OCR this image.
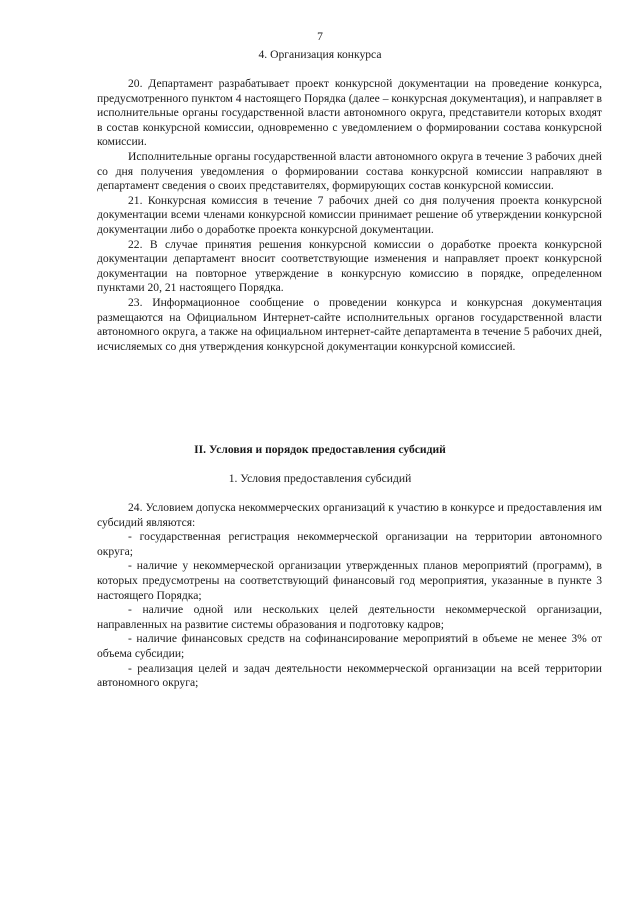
7
4. Организация конкурса

20. Департамент разрабатывает проект конкурсной документации на проведение конкурса, предусмотренного пунктом 4 настоящего Порядка (далее – конкурсная документация), и направляет в исполнительные органы государственной власти автономного округа, представители которых входят в состав конкурсной комиссии, одновременно с уведомлением о формировании состава конкурсной комиссии.

Исполнительные органы государственной власти автономного округа в течение 3 рабочих дней со дня получения уведомления о формировании состава конкурсной комиссии направляют в департамент сведения о своих представителях, формирующих состав конкурсной комиссии.

21. Конкурсная комиссия в течение 7 рабочих дней со дня получения проекта конкурсной документации всеми членами конкурсной комиссии принимает решение об утверждении конкурсной документации либо о доработке проекта конкурсной документации.

22. В случае принятия решения конкурсной комиссии о доработке проекта конкурсной документации департамент вносит соответствующие изменения и направляет проект конкурсной документации на повторное утверждение в конкурсную комиссию в порядке, определенном пунктами 20, 21 настоящего Порядка.

23. Информационное сообщение о проведении конкурса и конкурсная документация размещаются на Официальном Интернет-сайте исполнительных органов государственной власти автономного округа, а также на официальном интернет-сайте департамента в течение 5 рабочих дней, исчисляемых со дня утверждения конкурсной документации конкурсной комиссией.

II. Условия и порядок предоставления субсидий
1. Условия предоставления субсидий

24. Условием допуска некоммерческих организаций к участию в конкурсе и предоставления им субсидий являются:

- государственная регистрация некоммерческой организации на территории автономного округа;

- наличие у некоммерческой организации утвержденных планов мероприятий (программ), в которых предусмотрены на соответствующий финансовый год мероприятия, указанные в пункте 3 настоящего Порядка;

- наличие одной или нескольких целей деятельности некоммерческой организации, направленных на развитие системы образования и подготовку кадров;

- наличие финансовых средств на софинансирование мероприятий в объеме не менее 3% от объема субсидии;

- реализация целей и задач деятельности некоммерческой организации на всей территории автономного округа;
